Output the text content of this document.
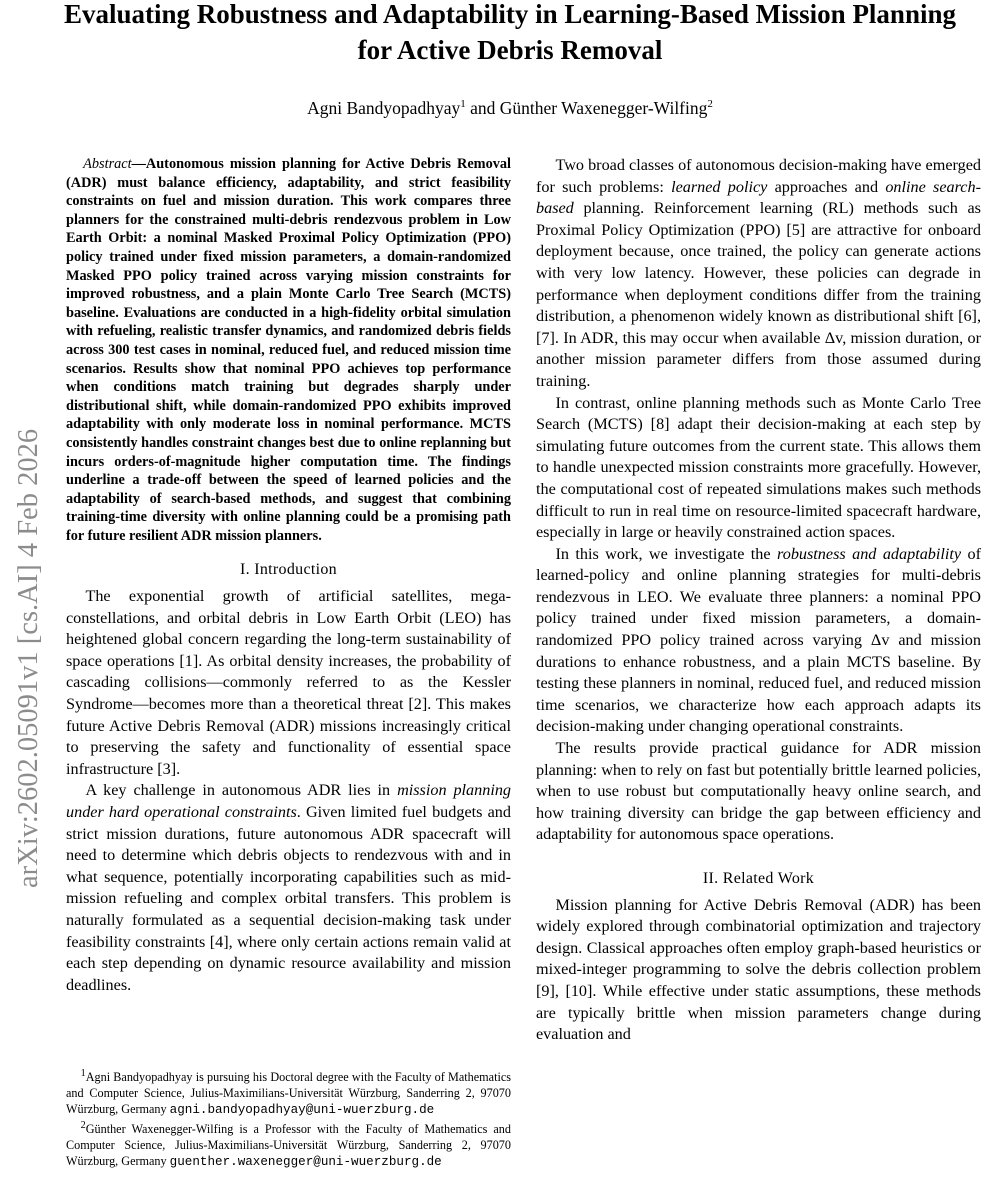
Evaluating Robustness and Adaptability in Learning-Based Mission Planning for Active Debris Removal
Agni Bandyopadhyay$^1$ and Günther Waxenegger-Wilfing$^2$
arXiv:2602.05091v1 [cs.AI] 4 Feb 2026

Abstract—Autonomous mission planning for Active Debris Removal (ADR) must balance efficiency, adaptability, and strict feasibility constraints on fuel and mission duration. This work compares three planners for the constrained multi-debris rendezvous problem in Low Earth Orbit: a nominal Masked Proximal Policy Optimization (PPO) policy trained under fixed mission parameters, a domain-randomized Masked PPO policy trained across varying mission constraints for improved robustness, and a plain Monte Carlo Tree Search (MCTS) baseline. Evaluations are conducted in a high-fidelity orbital simulation with refueling, realistic transfer dynamics, and randomized debris fields across 300 test cases in nominal, reduced fuel, and reduced mission time scenarios. Results show that nominal PPO achieves top performance when conditions match training but degrades sharply under distributional shift, while domain-randomized PPO exhibits improved adaptability with only moderate loss in nominal performance. MCTS consistently handles constraint changes best due to online replanning but incurs orders-of-magnitude higher computation time. The findings underline a trade-off between the speed of learned policies and the adaptability of search-based methods, and suggest that combining training-time diversity with online planning could be a promising path for future resilient ADR mission planners.

I. Introduction

The exponential growth of artificial satellites, mega-constellations, and orbital debris in Low Earth Orbit (LEO) has heightened global concern regarding the long-term sustainability of space operations [1]. As orbital density increases, the probability of cascading collisions—commonly referred to as the Kessler Syndrome—becomes more than a theoretical threat [2]. This makes future Active Debris Removal (ADR) missions increasingly critical to preserving the safety and functionality of essential space infrastructure [3].

A key challenge in autonomous ADR lies in mission planning under hard operational constraints. Given limited fuel budgets and strict mission durations, future autonomous ADR spacecraft will need to determine which debris objects to rendezvous with and in what sequence, potentially incorporating capabilities such as mid-mission refueling and complex orbital transfers. This problem is naturally formulated as a sequential decision-making task under feasibility constraints [4], where only certain actions remain valid at each step depending on dynamic resource availability and mission deadlines.

Two broad classes of autonomous decision-making have emerged for such problems: learned policy approaches and online search-based planning. Reinforcement learning (RL) methods such as Proximal Policy Optimization (PPO) [5] are attractive for onboard deployment because, once trained, the policy can generate actions with very low latency. However, these policies can degrade in performance when deployment conditions differ from the training distribution, a phenomenon widely known as distributional shift [6], [7]. In ADR, this may occur when available Δv, mission duration, or another mission parameter differs from those assumed during training.

In contrast, online planning methods such as Monte Carlo Tree Search (MCTS) [8] adapt their decision-making at each step by simulating future outcomes from the current state. This allows them to handle unexpected mission constraints more gracefully. However, the computational cost of repeated simulations makes such methods difficult to run in real time on resource-limited spacecraft hardware, especially in large or heavily constrained action spaces.

In this work, we investigate the robustness and adaptability of learned-policy and online planning strategies for multi-debris rendezvous in LEO. We evaluate three planners: a nominal PPO policy trained under fixed mission parameters, a domain-randomized PPO policy trained across varying Δv and mission durations to enhance robustness, and a plain MCTS baseline. By testing these planners in nominal, reduced fuel, and reduced mission time scenarios, we characterize how each approach adapts its decision-making under changing operational constraints.

The results provide practical guidance for ADR mission planning: when to rely on fast but potentially brittle learned policies, when to use robust but computationally heavy online search, and how training diversity can bridge the gap between efficiency and adaptability for autonomous space operations.

II. Related Work

Mission planning for Active Debris Removal (ADR) has been widely explored through combinatorial optimization and trajectory design. Classical approaches often employ graph-based heuristics or mixed-integer programming to solve the debris collection problem [9], [10]. While effective under static assumptions, these methods are typically brittle when mission parameters change during evaluation and

$^1$Agni Bandyopadhyay is pursuing his Doctoral degree with the Faculty of Mathematics and Computer Science, Julius-Maximilians-Universität Würzburg, Sanderring 2, 97070 Würzburg, Germany agni.bandyopadhyay@uni-wuerzburg.de

$^2$Günther Waxenegger-Wilfing is a Professor with the Faculty of Mathematics and Computer Science, Julius-Maximilians-Universität Würzburg, Sanderring 2, 97070 Würzburg, Germany guenther.waxenegger@uni-wuerzburg.de
